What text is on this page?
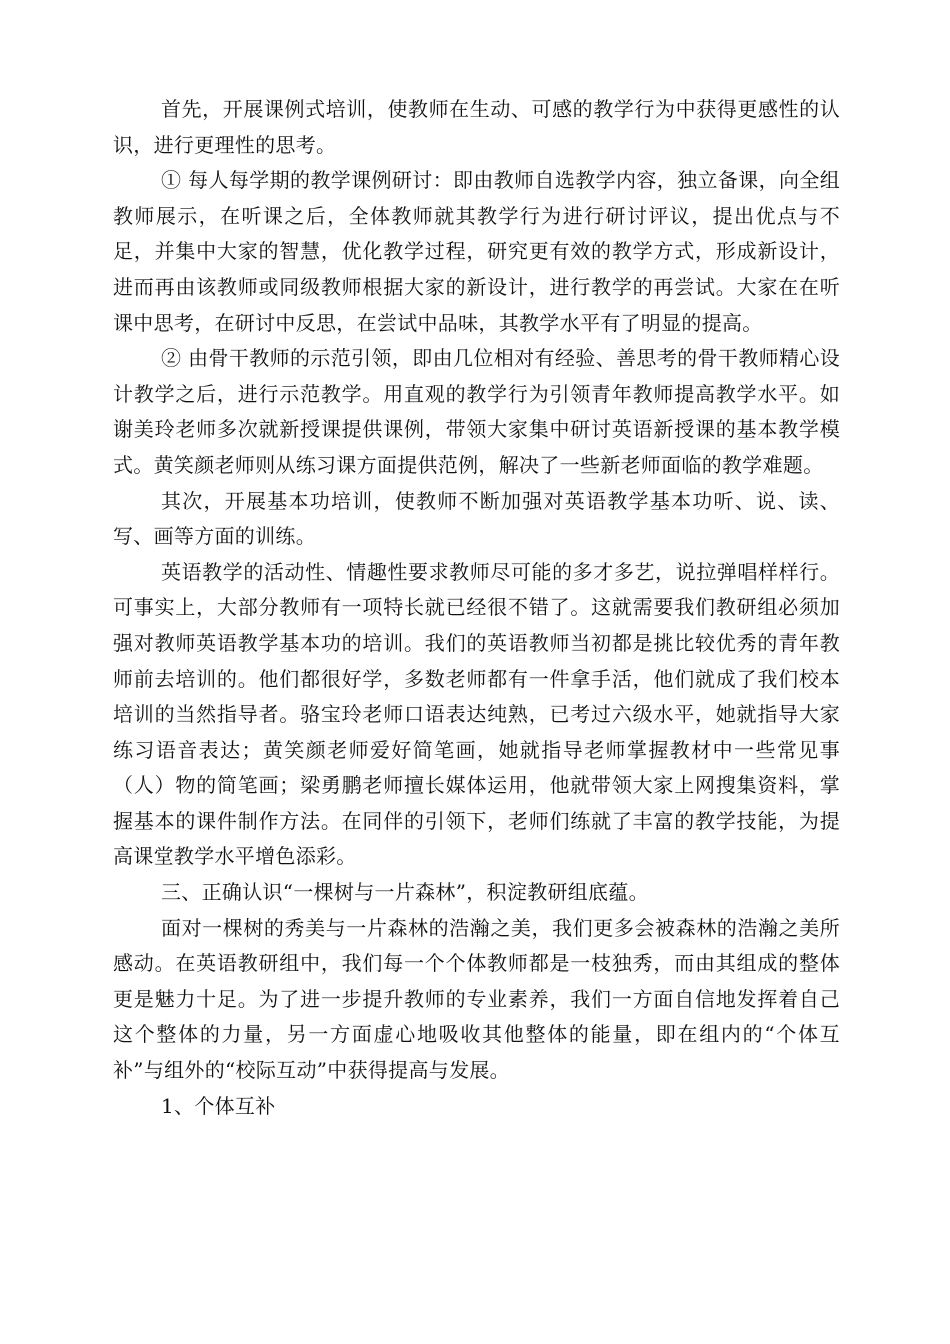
首先，开展课例式培训，使教师在生动、可感的教学行为中获得更感性的认识，进行更理性的思考。

① 每人每学期的教学课例研讨：即由教师自选教学内容，独立备课，向全组教师展示，在听课之后，全体教师就其教学行为进行研讨评议，提出优点与不足，并集中大家的智慧，优化教学过程，研究更有效的教学方式，形成新设计，进而再由该教师或同级教师根据大家的新设计，进行教学的再尝试。大家在在听课中思考，在研讨中反思，在尝试中品味，其教学水平有了明显的提高。

② 由骨干教师的示范引领，即由几位相对有经验、善思考的骨干教师精心设计教学之后，进行示范教学。用直观的教学行为引领青年教师提高教学水平。如谢美玲老师多次就新授课提供课例，带领大家集中研讨英语新授课的基本教学模式。黄笑颜老师则从练习课方面提供范例，解决了一些新老师面临的教学难题。

其次，开展基本功培训，使教师不断加强对英语教学基本功听、说、读、写、画等方面的训练。

英语教学的活动性、情趣性要求教师尽可能的多才多艺，说拉弹唱样样行。可事实上，大部分教师有一项特长就已经很不错了。这就需要我们教研组必须加强对教师英语教学基本功的培训。我们的英语教师当初都是挑比较优秀的青年教师前去培训的。他们都很好学，多数老师都有一件拿手活，他们就成了我们校本培训的当然指导者。骆宝玲老师口语表达纯熟，已考过六级水平，她就指导大家练习语音表达；黄笑颜老师爱好简笔画，她就指导老师掌握教材中一些常见事（人）物的简笔画；梁勇鹏老师擅长媒体运用，他就带领大家上网搜集资料，掌握基本的课件制作方法。在同伴的引领下，老师们练就了丰富的教学技能，为提高课堂教学水平增色添彩。

三、正确认识“一棵树与一片森林”，积淀教研组底蕴。

面对一棵树的秀美与一片森林的浩瀚之美，我们更多会被森林的浩瀚之美所感动。在英语教研组中，我们每一个个体教师都是一枝独秀，而由其组成的整体更是魅力十足。为了进一步提升教师的专业素养，我们一方面自信地发挥着自己这个整体的力量，另一方面虚心地吸收其他整体的能量，即在组内的“个体互补”与组外的“校际互动”中获得提高与发展。

1、个体互补
